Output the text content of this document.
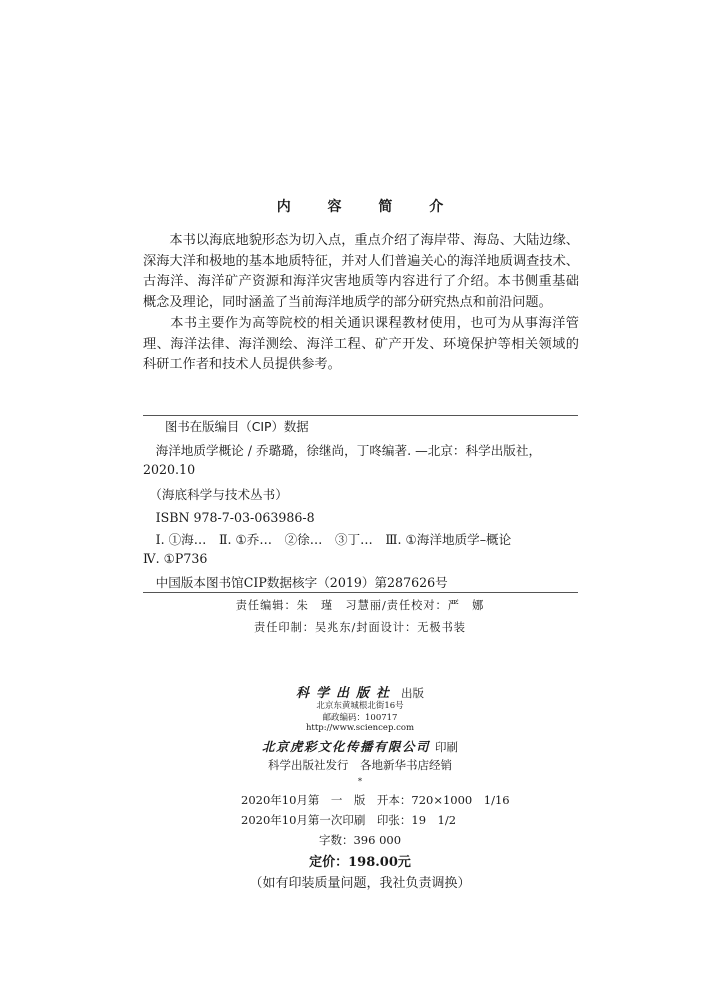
内 容 简 介
　　本书以海底地貌形态为切入点，重点介绍了海岸带、海岛、大陆边缘、
深海大洋和极地的基本地质特征，并对人们普遍关心的海洋地质调查技术、
古海洋、海洋矿产资源和海洋灾害地质等内容进行了介绍。本书侧重基础
概念及理论，同时涵盖了当前海洋地质学的部分研究热点和前沿问题。
　　本书主要作为高等院校的相关通识课程教材使用，也可为从事海洋管
理、海洋法律、海洋测绘、海洋工程、矿产开发、环境保护等相关领域的
科研工作者和技术人员提供参考。
图书在版编目（CIP）数据
　海洋地质学概论 / 乔璐璐，徐继尚，丁咚编著. —北京：科学出版社，
2020.10
　（海底科学与技术丛书）
　ISBN 978-7-03-063986-8
　Ⅰ. ①海…　Ⅱ. ①乔…　②徐…　③丁…　Ⅲ. ①海洋地质学–概论
Ⅳ. ①P736
　中国版本图书馆CIP数据核字（2019）第287626号
责任编辑：朱　瑾　习慧丽/责任校对：严　娜
责任印制：吴兆东/封面设计：无极书装
科学出版社 出版
北京东黄城根北街16号
邮政编码：100717
http://www.sciencep.com
北京虎彩文化传播有限公司 印刷
科学出版社发行　各地新华书店经销
*
2020年10月第　一　版　开本：720×1000　1/16
2020年10月第一次印刷　印张：19　1/2
字数：396 000
定价：198.00元
（如有印装质量问题，我社负责调换）
